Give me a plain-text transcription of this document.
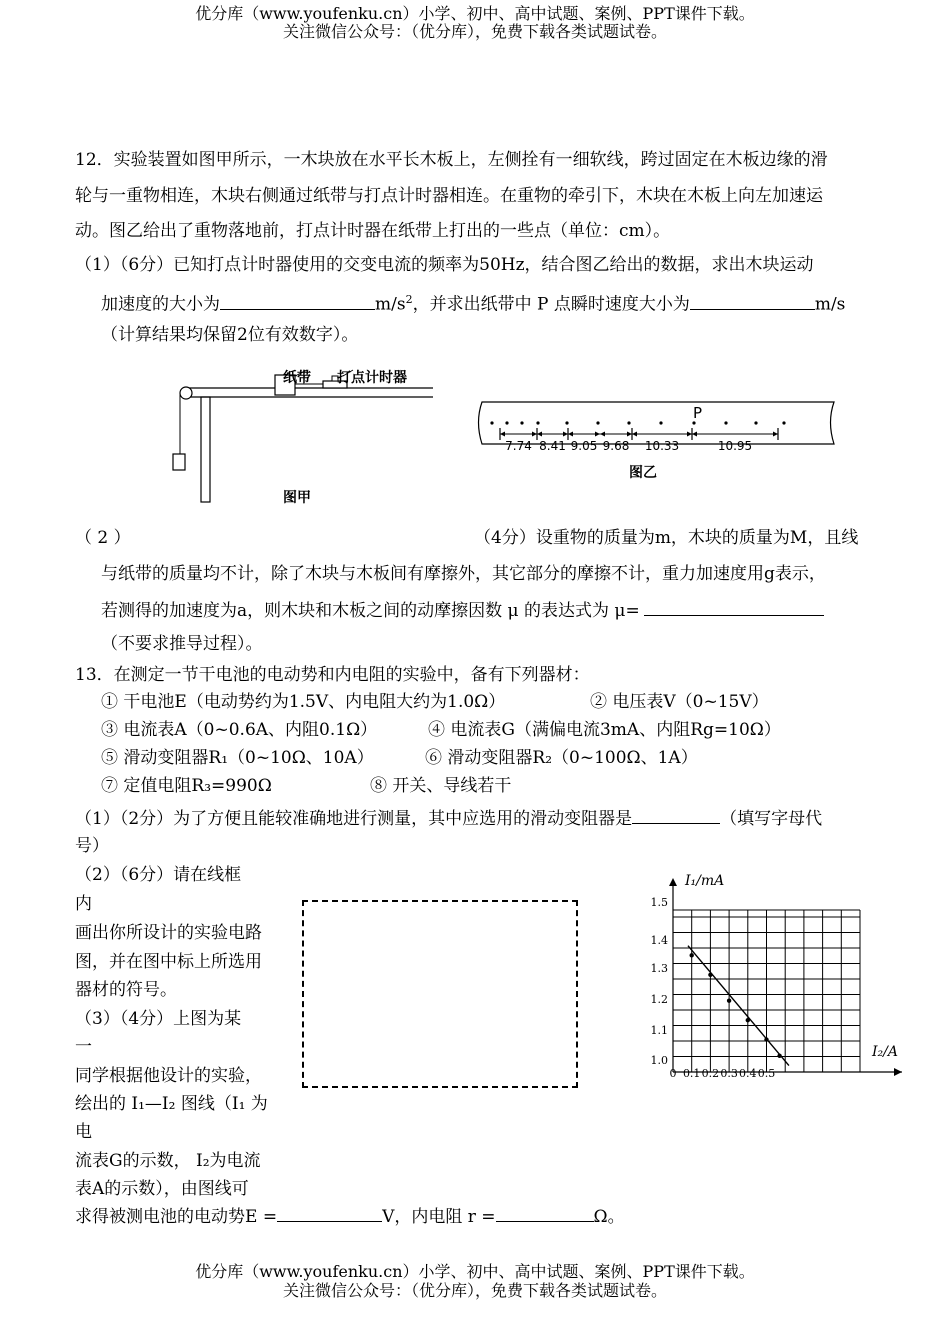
优分库（www.youfenku.cn）小学、初中、高中试题、案例、PPT课件下载。
关注微信公众号：（优分库），免费下载各类试题试卷。
12．实验装置如图甲所示，一木块放在水平长木板上，左侧拴有一细软线，跨过固定在木板边缘的滑
轮与一重物相连，木块右侧通过纸带与打点计时器相连。在重物的牵引下，木块在木板上向左加速运
动。图乙给出了重物落地前，打点计时器在纸带上打出的一些点（单位：cm）。
（1）（6分）已知打点计时器使用的交变电流的频率为50Hz，结合图乙给出的数据，求出木块运动
加速度的大小为	$m/s^2$，并求出纸带中 P 点瞬时速度大小为	m/s
（计算结果均保留2位有效数字）。
纸带 打点计时器
图甲
7.74 8.41 9.05 9.68 10.33	10.95
P
图乙
（ 2 ）	（4分）设重物的质量为m，木块的质量为M，且线
与纸带的质量均不计，除了木块与木板间有摩擦外，其它部分的摩擦不计，重力加速度用g表示，
若测得的加速度为a，则木块和木板之间的动摩擦因数 μ 的表达式为 μ=
（不要求推导过程）。
13．在测定一节干电池的电动势和内电阻的实验中，备有下列器材：
① 干电池E（电动势约为1.5V、内电阻大约为1.0Ω）	② 电压表V（0~15V）
③ 电流表A（0~0.6A、内阻0.1Ω）	④ 电流表G（满偏电流3mA、内阻Rg=10Ω）
⑤ 滑动变阻器R₁（0~10Ω、10A）	⑥ 滑动变阻器R₂（0~100Ω、1A）
⑦ 定值电阻R₃=990Ω	⑧ 开关、导线若干
（1）（2分）为了方便且能较准确地进行测量，其中应选用的滑动变阻器是	（填写字母代
号）
（2）（6分）请在线框
内
画出你所设计的实验电路
图，并在图中标上所选用
器材的符号。
（3）（4分）上图为某
一
同学根据他设计的实验，
绘出的 I₁—I₂ 图线（I₁ 为
电
流表G的示数， I₂为电流
表A的示数），由图线可
求得被测电池的电动势E =	V，内电阻 r =	Ω。
I₁/mA
I₂/A
1.5
1.4
1.3
1.2
1.1
1.0
0 0.1 0.2 0.3 0.4 0.5
优分库（www.youfenku.cn）小学、初中、高中试题、案例、PPT课件下载。
关注微信公众号：（优分库），免费下载各类试题试卷。
